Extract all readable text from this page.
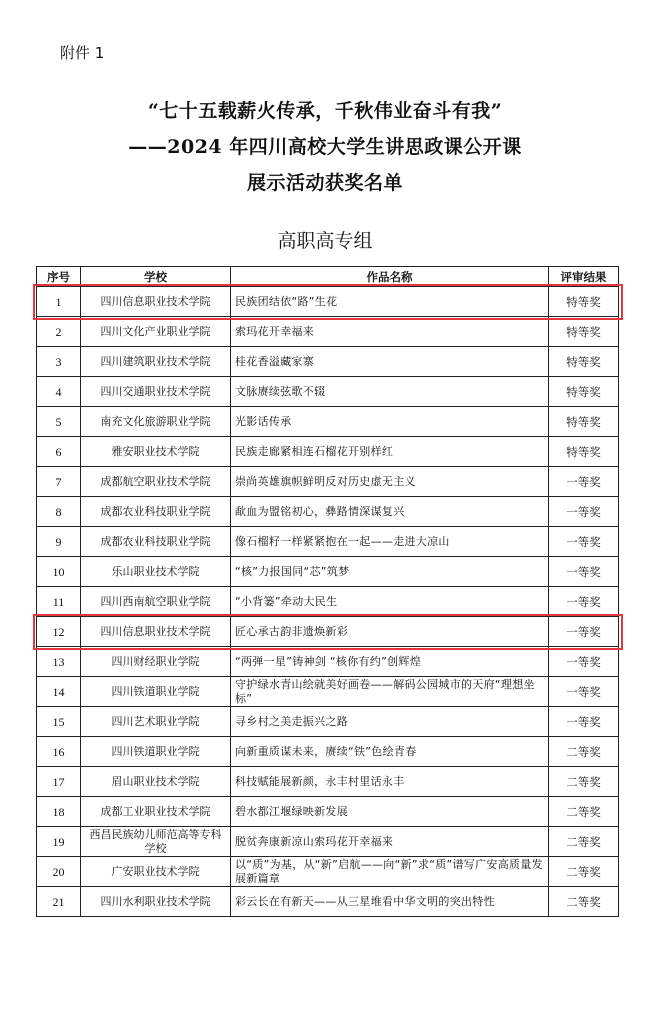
附件 1
“七十五载薪火传承，千秋伟业奋斗有我”
——2024 年四川高校大学生讲思政课公开课
展示活动获奖名单
高职高专组
序号	学校	作品名称	评审结果
1	四川信息职业技术学院	民族团结依“路”生花	特等奖
2	四川文化产业职业学院	索玛花开幸福来	特等奖
3	四川建筑职业技术学院	桂花香溢藏家寨	特等奖
4	四川交通职业技术学院	文脉赓续弦歌不辍	特等奖
5	南充文化旅游职业学院	光影话传承	特等奖
6	雅安职业技术学院	民族走廊紧相连石榴花开别样红	特等奖
7	成都航空职业技术学院	崇尚英雄旗帜鲜明反对历史虚无主义	一等奖
8	成都农业科技职业学院	歃血为盟铭初心，彝路情深谋复兴	一等奖
9	成都农业科技职业学院	像石榴籽一样紧紧抱在一起——走进大凉山	一等奖
10	乐山职业技术学院	“核”力报国同“芯”筑梦	一等奖
11	四川西南航空职业学院	“小背篓”牵动大民生	一等奖
12	四川信息职业技术学院	匠心承古韵非遗焕新彩	一等奖
13	四川财经职业学院	“两弹一星”铸神剑 “核你有约”创辉煌	一等奖
14	四川铁道职业学院	守护绿水青山绘就美好画卷——解码公园城市的天府“理想坐标”	一等奖
15	四川艺术职业学院	寻乡村之美走振兴之路	一等奖
16	四川铁道职业学院	向新重质谋未来，赓续“铁”色绘青春	二等奖
17	眉山职业技术学院	科技赋能展新颜，永丰村里话永丰	二等奖
18	成都工业职业技术学院	碧水都江堰绿映新发展	二等奖
19	西昌民族幼儿师范高等专科学校	脱贫奔康新凉山索玛花开幸福来	二等奖
20	广安职业技术学院	以“质”为基，从“新”启航——向“新”求“质”谱写广安高质量发展新篇章	二等奖
21	四川水利职业技术学院	彩云长在有新天——从三星堆看中华文明的突出特性	二等奖
